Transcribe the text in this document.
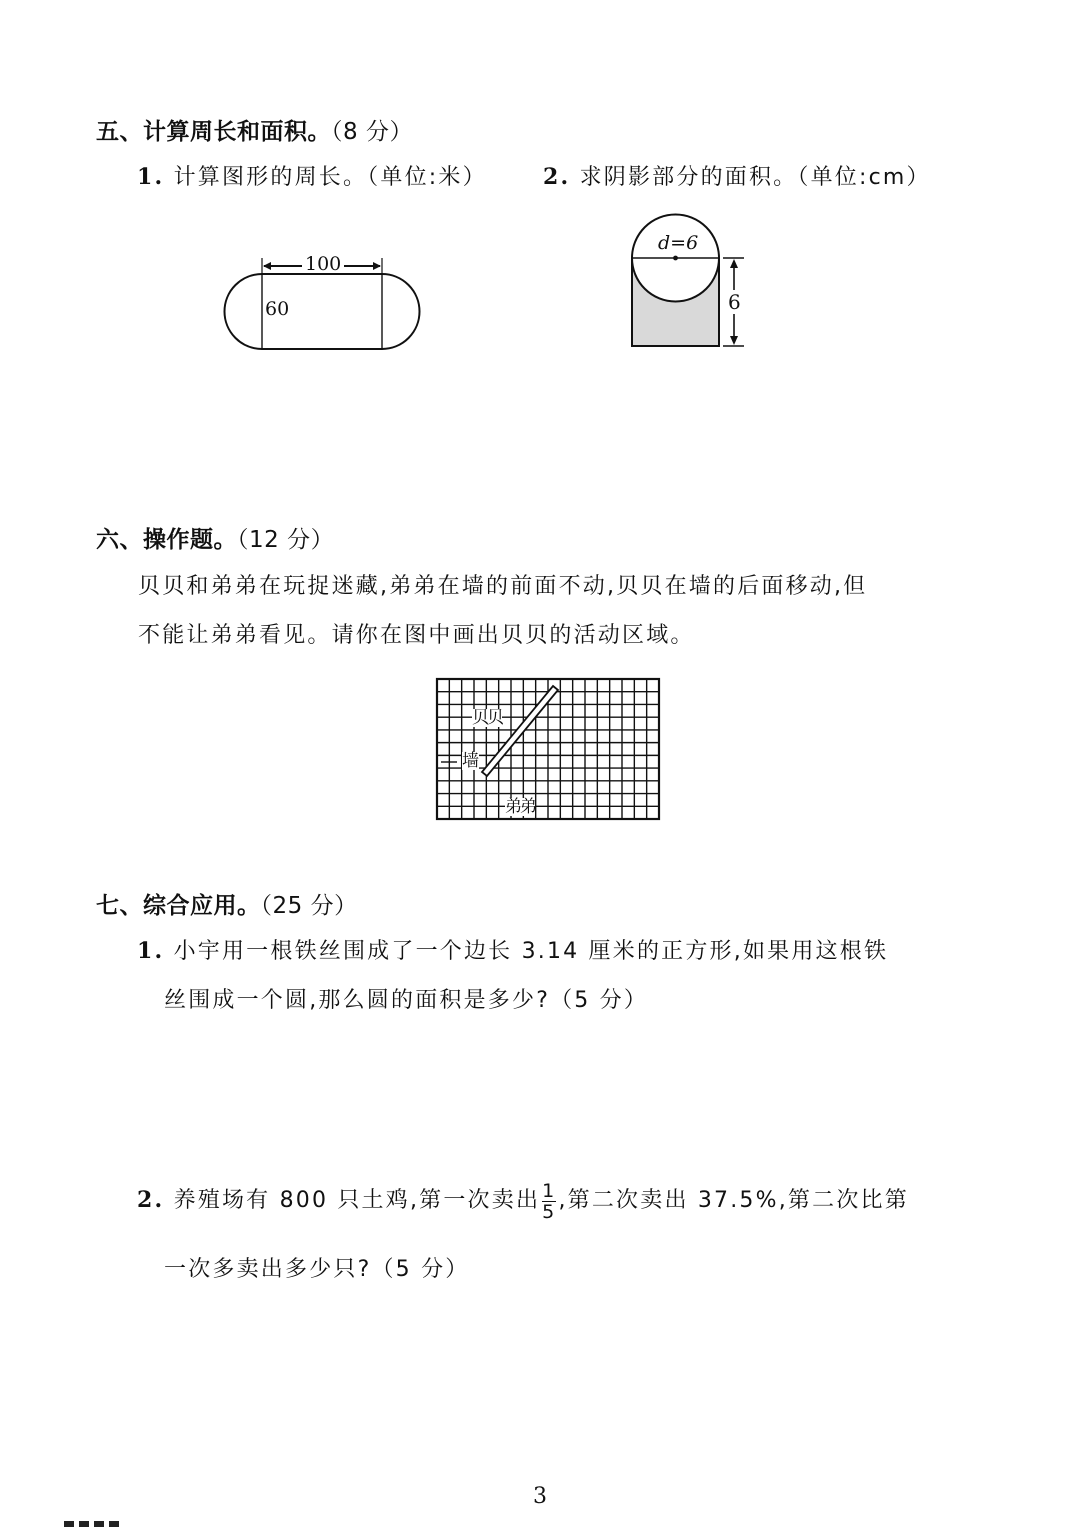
五、计算周长和面积。（8 分）
1. 计算图形的周长。（单位:米）	2. 求阴影部分的面积。（单位:cm）
100
60
d=6
6
六、操作题。（12 分）
贝贝和弟弟在玩捉迷藏,弟弟在墙的前面不动,贝贝在墙的后面移动,但
不能让弟弟看见。请你在图中画出贝贝的活动区域。
贝贝
墙
弟弟
七、综合应用。（25 分）
1. 小宇用一根铁丝围成了一个边长 3.14 厘米的正方形,如果用这根铁
丝围成一个圆,那么圆的面积是多少?（5 分）
2. 养殖场有 800 只土鸡,第一次卖出 $\frac{1}{5}$ ,第二次卖出 37.5%,第二次比第
一次多卖出多少只?（5 分）
3
